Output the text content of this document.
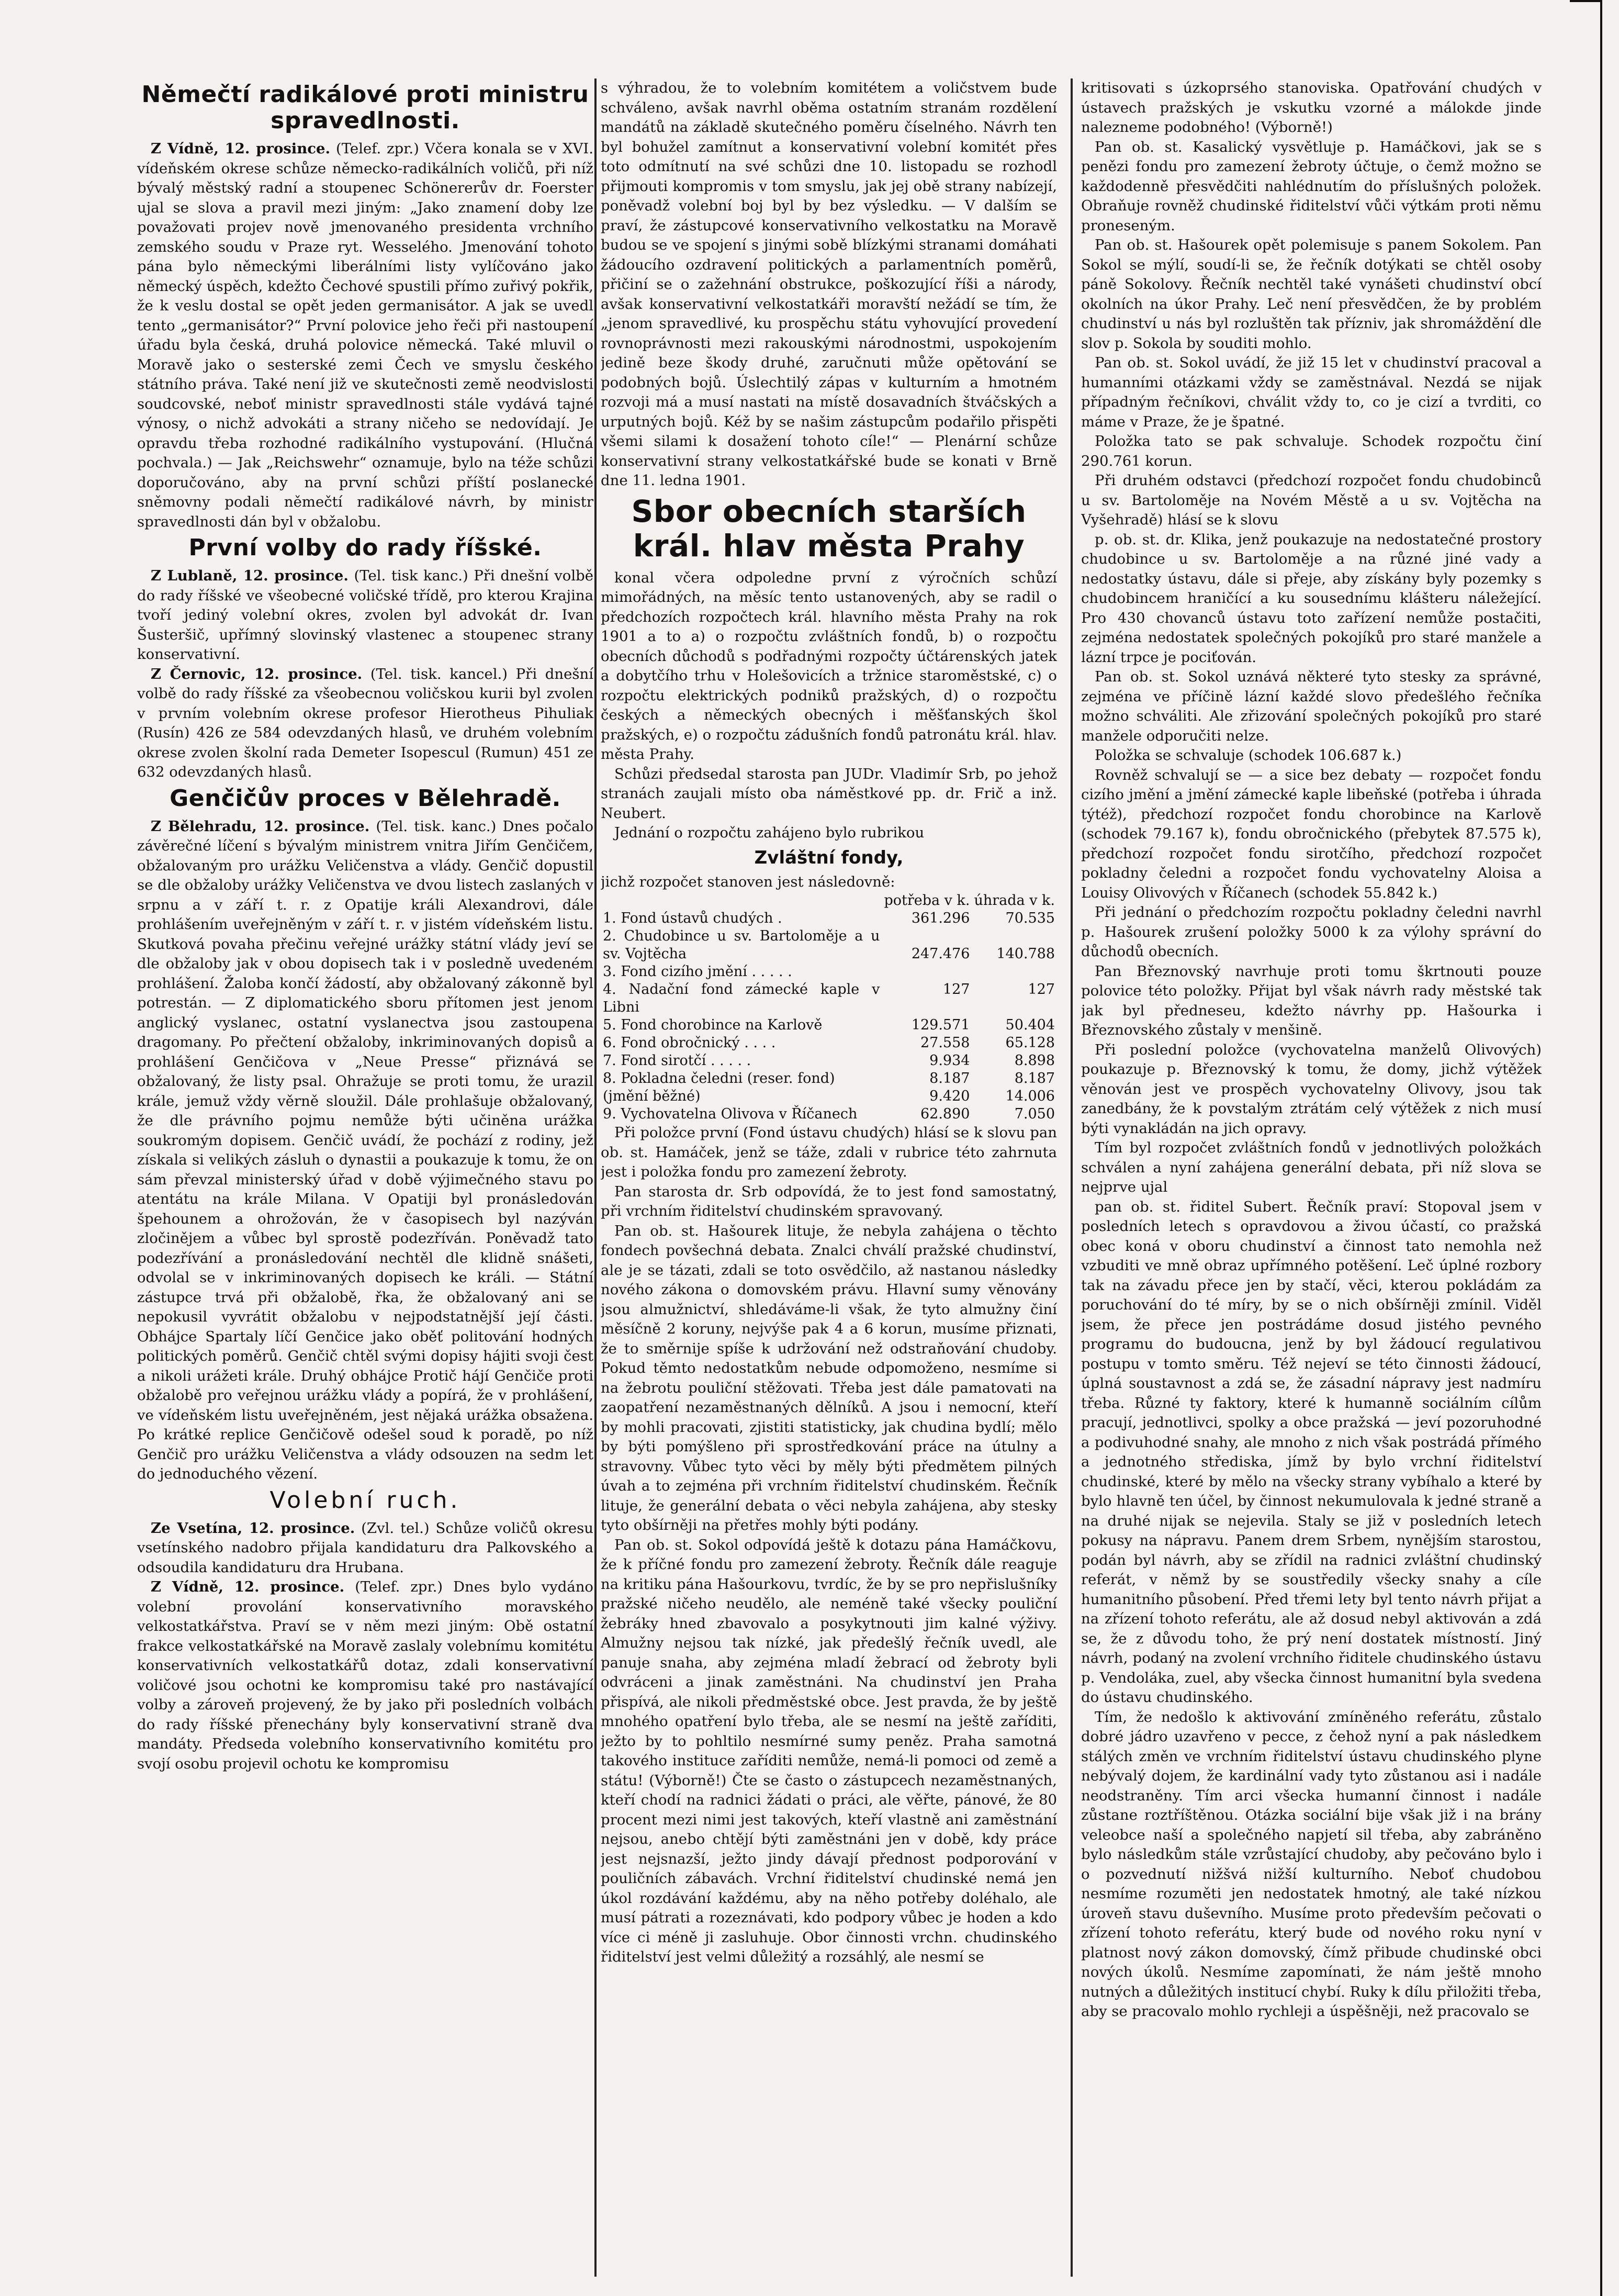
Němečtí radikálové proti ministru spravedlnosti.

Z Vídně, 12. prosince. (Telef. zpr.) Včera konala se v XVI. vídeňském okrese schůze německo-radikálních voličů, při níž bývalý městský radní a stoupenec Schönererův dr. Foerster ujal se slova a pravil mezi jiným: „Jako znamení doby lze považovati projev nově jmenovaného presidenta vrchního zemského soudu v Praze ryt. Wesselého. Jmenování tohoto pána bylo německými liberálními listy vylíčováno jako německý úspěch, kdežto Čechové spustili přímo zuřivý pokřik, že k veslu dostal se opět jeden germanisátor. A jak se uvedl tento „germanisátor?“ První polovice jeho řeči při nastoupení úřadu byla česká, druhá polovice německá. Také mluvil o Moravě jako o sesterské zemi Čech ve smyslu českého státního práva. Také není již ve skutečnosti země neodvislosti soudcovské, neboť ministr spravedlnosti stále vydává tajné výnosy, o nichž advokáti a strany ničeho se nedovídají. Je opravdu třeba rozhodné radikálního vystupování. (Hlučná pochvala.) — Jak „Reichswehr“ oznamuje, bylo na téže schůzi doporučováno, aby na první schůzi příští poslanecké sněmovny podali němečtí radikálové návrh, by ministr spravedlnosti dán byl v obžalobu.

První volby do rady říšské.

Z Lublaně, 12. prosince. (Tel. tisk kanc.) Při dnešní volbě do rady říšské ve všeobecné voličské třídě, pro kterou Krajina tvoří jediný volební okres, zvolen byl advokát dr. Ivan Šusteršič, upřímný slovinský vlastenec a stoupenec strany konservativní.

Z Černovic, 12. prosince. (Tel. tisk. kancel.) Při dnešní volbě do rady říšské za všeobecnou voličskou kurii byl zvolen v prvním volebním okrese profesor Hierotheus Pihuliak (Rusín) 426 ze 584 odevzdaných hlasů, ve druhém volebním okrese zvolen školní rada Demeter Isopescul (Rumun) 451 ze 632 odevzdaných hlasů.

Genčičův proces v Bělehradě.

Z Bělehradu, 12. prosince. (Tel. tisk. kanc.) Dnes počalo závěrečné líčení s bývalým ministrem vnitra Jiřím Genčičem, obžalovaným pro urážku Veličenstva a vlády. Genčič dopustil se dle obžaloby urážky Veličenstva ve dvou listech zaslaných v srpnu a v září t. r. z Opatije králi Alexandrovi, dále prohlášením uveřejněným v září t. r. v jistém vídeňském listu. Skutková povaha přečinu veřejné urážky státní vlády jeví se dle obžaloby jak v obou dopisech tak i v posledně uvedeném prohlášení. Žaloba končí žádostí, aby obžalovaný zákonně byl potrestán. — Z diplomatického sboru přítomen jest jenom anglický vyslanec, ostatní vyslanectva jsou zastoupena dragomany. Po přečtení obžaloby, inkriminovaných dopisů a prohlášení Genčičova v „Neue Presse“ přiznává se obžalovaný, že listy psal. Ohražuje se proti tomu, že urazil krále, jemuž vždy věrně sloužil. Dále prohlašuje obžalovaný, že dle právního pojmu nemůže býti učiněna urážka soukromým dopisem. Genčič uvádí, že pochází z rodiny, jež získala si velikých zásluh o dynastii a poukazuje k tomu, že on sám převzal ministerský úřad v době výjimečného stavu po atentátu na krále Milana. V Opatiji byl pronásledován špehounem a ohrožován, že v časopisech byl nazýván zločinějem a vůbec byl sprostě podezříván. Poněvadž tato podezřívání a pronásledování nechtěl dle klidně snášeti, odvolal se v inkriminovaných dopisech ke králi. — Státní zástupce trvá při obžalobě, řka, že obžalovaný ani se nepokusil vyvrátit obžalobu v nejpodstatnější její části. Obhájce Spartaly líčí Genčice jako oběť politování hodných politických poměrů. Genčič chtěl svými dopisy hájiti svoji čest a nikoli urážeti krále. Druhý obhájce Protič hájí Genčiče proti obžalobě pro veřejnou urážku vlády a popírá, že v prohlášení, ve vídeňském listu uveřejněném, jest nějaká urážka obsažena. Po krátké replice Genčičově odešel soud k poradě, po níž Genčič pro urážku Veličenstva a vlády odsouzen na sedm let do jednoduchého vězení.

Volební ruch.

Ze Vsetína, 12. prosince. (Zvl. tel.) Schůze voličů okresu vsetínského nadobro přijala kandidaturu dra Palkovského a odsoudila kandidaturu dra Hrubana.

Z Vídně, 12. prosince. (Telef. zpr.) Dnes bylo vydáno volební provolání konservativního moravského velkostatkářstva. Praví se v něm mezi jiným: Obě ostatní frakce velkostatkářské na Moravě zaslaly volebnímu komitétu konservativních velkostatkářů dotaz, zdali konservativní voličové jsou ochotni ke kompromisu také pro nastávající volby a zároveň projevený, že by jako při posledních volbách do rady říšské přenechány byly konservativní straně dva mandáty. Předseda volebního konservativního komitétu pro svojí osobu projevil ochotu ke kompromisu

s výhradou, že to volebním komitétem a voličstvem bude schváleno, avšak navrhl oběma ostatním stranám rozdělení mandátů na základě skutečného poměru číselného. Návrh ten byl bohužel zamítnut a konservativní volební komitét přes toto odmítnutí na své schůzi dne 10. listopadu se rozhodl přijmouti kompromis v tom smyslu, jak jej obě strany nabízejí, poněvadž volební boj byl by bez výsledku. — V dalším se praví, že zástupcové konservativního velkostatku na Moravě budou se ve spojení s jinými sobě blízkými stranami domáhati žádoucího ozdravení politických a parlamentních poměrů, přičiní se o zažehnání obstrukce, poškozující říši a národy, avšak konservativní velkostatkáři moravští nežádí se tím, že „jenom spravedlivé, ku prospěchu státu vyhovující provedení rovnoprávnosti mezi rakouskými národnostmi, uspokojením jedině beze škody druhé, zaručnuti může opětování se podobných bojů. Úslechtilý zápas v kulturním a hmotném rozvoji má a musí nastati na místě dosavadních štváčských a urputných bojů. Kéž by se našim zástupcům podařilo přispěti všemi silami k dosažení tohoto cíle!“ — Plenární schůze konservativní strany velkostatkářské bude se konati v Brně dne 11. ledna 1901.

Sbor obecních starších král. hlav města Prahy

konal včera odpoledne první z výročních schůzí mimořádných, na měsíc tento ustanovených, aby se radil o předchozích rozpočtech král. hlavního města Prahy na rok 1901 a to a) o rozpočtu zvláštních fondů, b) o rozpočtu obecních důchodů s podřadnými rozpočty účtárenských jatek a dobytčího trhu v Holešovicích a tržnice staroměstské, c) o rozpočtu elektrických podniků pražských, d) o rozpočtu českých a německých obecných i měšťanských škol pražských, e) o rozpočtu zádušních fondů patronátu král. hlav. města Prahy.

Schůzi předsedal starosta pan JUDr. Vladimír Srb, po jehož stranách zaujali místo oba náměstkové pp. dr. Frič a inž. Neubert.

Jednání o rozpočtu zahájeno bylo rubrikou

Zvláštní fondy,

jichž rozpočet stanoven jest následovně:

	potřeba v k.	úhrada v k.
1. Fond ústavů chudých .	361.296	70.535
2. Chudobince u sv. Bartoloměje a u sv. Vojtěcha	247.476	140.788
3. Fond cizího jmění . . . . .		
4. Nadační fond zámecké kaple v Libni	127	127
5. Fond chorobince na Karlově	129.571	50.404
6. Fond obročnický . . . .	27.558	65.128
7. Fond sirotčí . . . . .	9.934	8.898
8. Pokladna čeledni (reser. fond)	8.187	8.187
(jmění běžné)	9.420	14.006
9. Vychovatelna Olivova v Říčanech	62.890	7.050

Při položce první (Fond ústavu chudých) hlásí se k slovu pan ob. st. Hamáček, jenž se táže, zdali v rubrice této zahrnuta jest i položka fondu pro zamezení žebroty.

Pan starosta dr. Srb odpovídá, že to jest fond samostatný, při vrchním řiditelství chudinském spravovaný.

Pan ob. st. Hašourek lituje, že nebyla zahájena o těchto fondech povšechná debata. Znalci chválí pražské chudinství, ale je se tázati, zdali se toto osvědčilo, až nastanou následky nového zákona o domovském právu. Hlavní sumy věnovány jsou almužnictví, shledáváme-li však, že tyto almužny činí měsíčně 2 koruny, nejvýše pak 4 a 6 korun, musíme přiznati, že to směrnije spíše k udržování než odstraňování chudoby. Pokud těmto nedostatkům nebude odpomoženo, nesmíme si na žebrotu pouliční stěžovati. Třeba jest dále pamatovati na zaopatření nezaměstnaných dělníků. A jsou i nemocní, kteří by mohli pracovati, zjistiti statisticky, jak chudina bydlí; mělo by býti pomýšleno při sprostředkování práce na útulny a stravovny. Vůbec tyto věci by měly býti předmětem pilných úvah a to zejména při vrchním řiditelství chudinském. Řečník lituje, že generální debata o věci nebyla zahájena, aby stesky tyto obšírněji na přetřes mohly býti podány.

Pan ob. st. Sokol odpovídá ještě k dotazu pána Hamáčkovu, že k příčné fondu pro zamezení žebroty. Řečník dále reaguje na kritiku pána Hašourkovu, tvrdíc, že by se pro nepřislušníky pražské ničeho neudělo, ale neméně také všecky pouliční žebráky hned zbavovalo a posykytnouti jim kalné výživy. Almužny nejsou tak nízké, jak předešlý řečník uvedl, ale panuje snaha, aby zejména mladí žebrací od žebroty byli odvráceni a jinak zaměstnáni. Na chudinství jen Praha přispívá, ale nikoli předměstské obce. Jest pravda, že by ještě mnohého opatření bylo třeba, ale se nesmí na ještě zaříditi, ježto by to pohltilo nesmírné sumy peněz. Praha samotná takového instituce zaříditi nemůže, nemá-li pomoci od země a státu! (Výborně!) Čte se často o zástupcech nezaměstnaných, kteří chodí na radnici žádati o práci, ale věřte, pánové, že 80 procent mezi nimi jest takových, kteří vlastně ani zaměstnání nejsou, anebo chtějí býti zaměstnáni jen v době, kdy práce jest nejsnazší, ježto jindy dávají přednost podporování v pouličních zábavách. Vrchní řiditelství chudinské nemá jen úkol rozdávání každému, aby na něho potřeby doléhalo, ale musí pátrati a rozeznávati, kdo podpory vůbec je hoden a kdo více ci méně ji zasluhuje. Obor činnosti vrchn. chudinského řiditelství jest velmi důležitý a rozsáhlý, ale nesmí se

kritisovati s úzkoprsého stanoviska. Opatřování chudých v ústavech pražských je vskutku vzorné a málokde jinde nalezneme podobného! (Výborně!)

Pan ob. st. Kasalický vysvětluje p. Hamáčkovi, jak se s penězi fondu pro zamezení žebroty účtuje, o čemž možno se každodenně přesvědčiti nahlédnutím do příslušných položek. Obraňuje rovněž chudinské řiditelství vůči výtkám proti němu proneseným.

Pan ob. st. Hašourek opět polemisuje s panem Sokolem. Pan Sokol se mýlí, soudí-li se, že řečník dotýkati se chtěl osoby páně Sokolovy. Řečník nechtěl také vynášeti chudinství obcí okolních na úkor Prahy. Leč není přesvědčen, že by problém chudinství u nás byl rozluštěn tak přízniv, jak shromáždění dle slov p. Sokola by souditi mohlo.

Pan ob. st. Sokol uvádí, že již 15 let v chudinství pracoval a humanními otázkami vždy se zaměstnával. Nezdá se nijak případným řečníkovi, chválit vždy to, co je cizí a tvrditi, co máme v Praze, že je špatné.

Položka tato se pak schvaluje. Schodek rozpočtu činí 290.761 korun.

Při druhém odstavci (předchozí rozpočet fondu chudobinců u sv. Bartoloměje na Novém Městě a u sv. Vojtěcha na Vyšehradě) hlásí se k slovu

p. ob. st. dr. Klika, jenž poukazuje na nedostatečné prostory chudobince u sv. Bartoloměje a na různé jiné vady a nedostatky ústavu, dále si přeje, aby získány byly pozemky s chudobincem hraničící a ku sousednímu klášteru náležející. Pro 430 chovanců ústavu toto zařízení nemůže postačiti, zejména nedostatek společných pokojíků pro staré manžele a lázní trpce je pociťován.

Pan ob. st. Sokol uznává některé tyto stesky za správné, zejména ve příčině lázní každé slovo předešlého řečníka možno schváliti. Ale zřizování společných pokojíků pro staré manžele odporučiti nelze.

Položka se schvaluje (schodek 106.687 k.)

Rovněž schvalují se — a sice bez debaty — rozpočet fondu cizího jmění a jmění zámecké kaple libeňské (potřeba i úhrada týtéž), předchozí rozpočet fondu chorobince na Karlově (schodek 79.167 k), fondu obročnického (přebytek 87.575 k), předchozí rozpočet fondu sirotčího, předchozí rozpočet pokladny čeledni a rozpočet fondu vychovatelny Aloisa a Louisy Olivových v Říčanech (schodek 55.842 k.)

Při jednání o předchozím rozpočtu pokladny čeledni navrhl p. Hašourek zrušení položky 5000 k za výlohy správní do důchodů obecních.

Pan Březnovský navrhuje proti tomu škrtnouti pouze polovice této položky. Přijat byl však návrh rady městské tak jak byl předneseu, kdežto návrhy pp. Hašourka i Březnovského zůstaly v menšině.

Při poslední položce (vychovatelna manželů Olivových) poukazuje p. Březnovský k tomu, že domy, jichž výtěžek věnován jest ve prospěch vychovatelny Olivovy, jsou tak zanedbány, že k povstalým ztrátám celý výtěžek z nich musí býti vynakládán na jich opravy.

Tím byl rozpočet zvláštních fondů v jednotlivých položkách schválen a nyní zahájena generální debata, při níž slova se nejprve ujal

pan ob. st. řiditel Subert. Řečník praví: Stopoval jsem v posledních letech s opravdovou a živou účastí, co pražská obec koná v oboru chudinství a činnost tato nemohla než vzbuditi ve mně obraz upřímného potěšení. Leč úplné rozbory tak na závadu přece jen by stačí, věci, kterou pokládám za poruchování do té míry, by se o nich obšírněji zmínil. Viděl jsem, že přece jen postrádáme dosud jistého pevného programu do budoucna, jenž by byl žádoucí regulativou postupu v tomto směru. Též nejeví se této činnosti žádoucí, úplná soustavnost a zdá se, že zásadní nápravy jest nadmíru třeba. Různé ty faktory, které k humanně sociálním cílům pracují, jednotlivci, spolky a obce pražská — jeví pozoruhodné a podivuhodné snahy, ale mnoho z nich však postrádá přímého a jednotného střediska, jímž by bylo vrchní řiditelství chudinské, které by mělo na všecky strany vybíhalo a které by bylo hlavně ten účel, by činnost nekumulovala k jedné straně a na druhé nijak se nejevila. Staly se již v posledních letech pokusy na nápravu. Panem drem Srbem, nynějším starostou, podán byl návrh, aby se zřídil na radnici zvláštní chudinský referát, v němž by se soustředily všecky snahy a cíle humanitního působení. Před třemi lety byl tento návrh přijat a na zřízení tohoto referátu, ale až dosud nebyl aktivován a zdá se, že z důvodu toho, že prý není dostatek místností. Jiný návrh, podaný na zvolení vrchního řiditele chudinského ústavu p. Vendoláka, zuel, aby všecka činnost humanitní byla svedena do ústavu chudinského.

Tím, že nedošlo k aktivování zmíněného referátu, zůstalo dobré jádro uzavřeno v pecce, z čehož nyní a pak následkem stálých změn ve vrchním řiditelství ústavu chudinského plyne nebývalý dojem, že kardinální vady tyto zůstanou asi i nadále neodstraněny. Tím arci všecka humanní činnost i nadále zůstane roztříštěnou. Otázka sociální bije však již i na brány veleobce naší a společného napjetí sil třeba, aby zabráněno bylo následkům stále vzrůstající chudoby, aby pečováno bylo i o pozvednutí nižšvá nižší kulturního. Neboť chudobou nesmíme rozuměti jen nedostatek hmotný, ale také nízkou úroveň stavu duševního. Musíme proto především pečovati o zřízení tohoto referátu, který bude od nového roku nyní v platnost nový zákon domovský, čímž přibude chudinské obci nových úkolů. Nesmíme zapomínati, že nám ještě mnoho nutných a důležitých institucí chybí. Ruky k dílu přiložiti třeba, aby se pracovalo mohlo rychleji a úspěšněji, než pracovalo se
